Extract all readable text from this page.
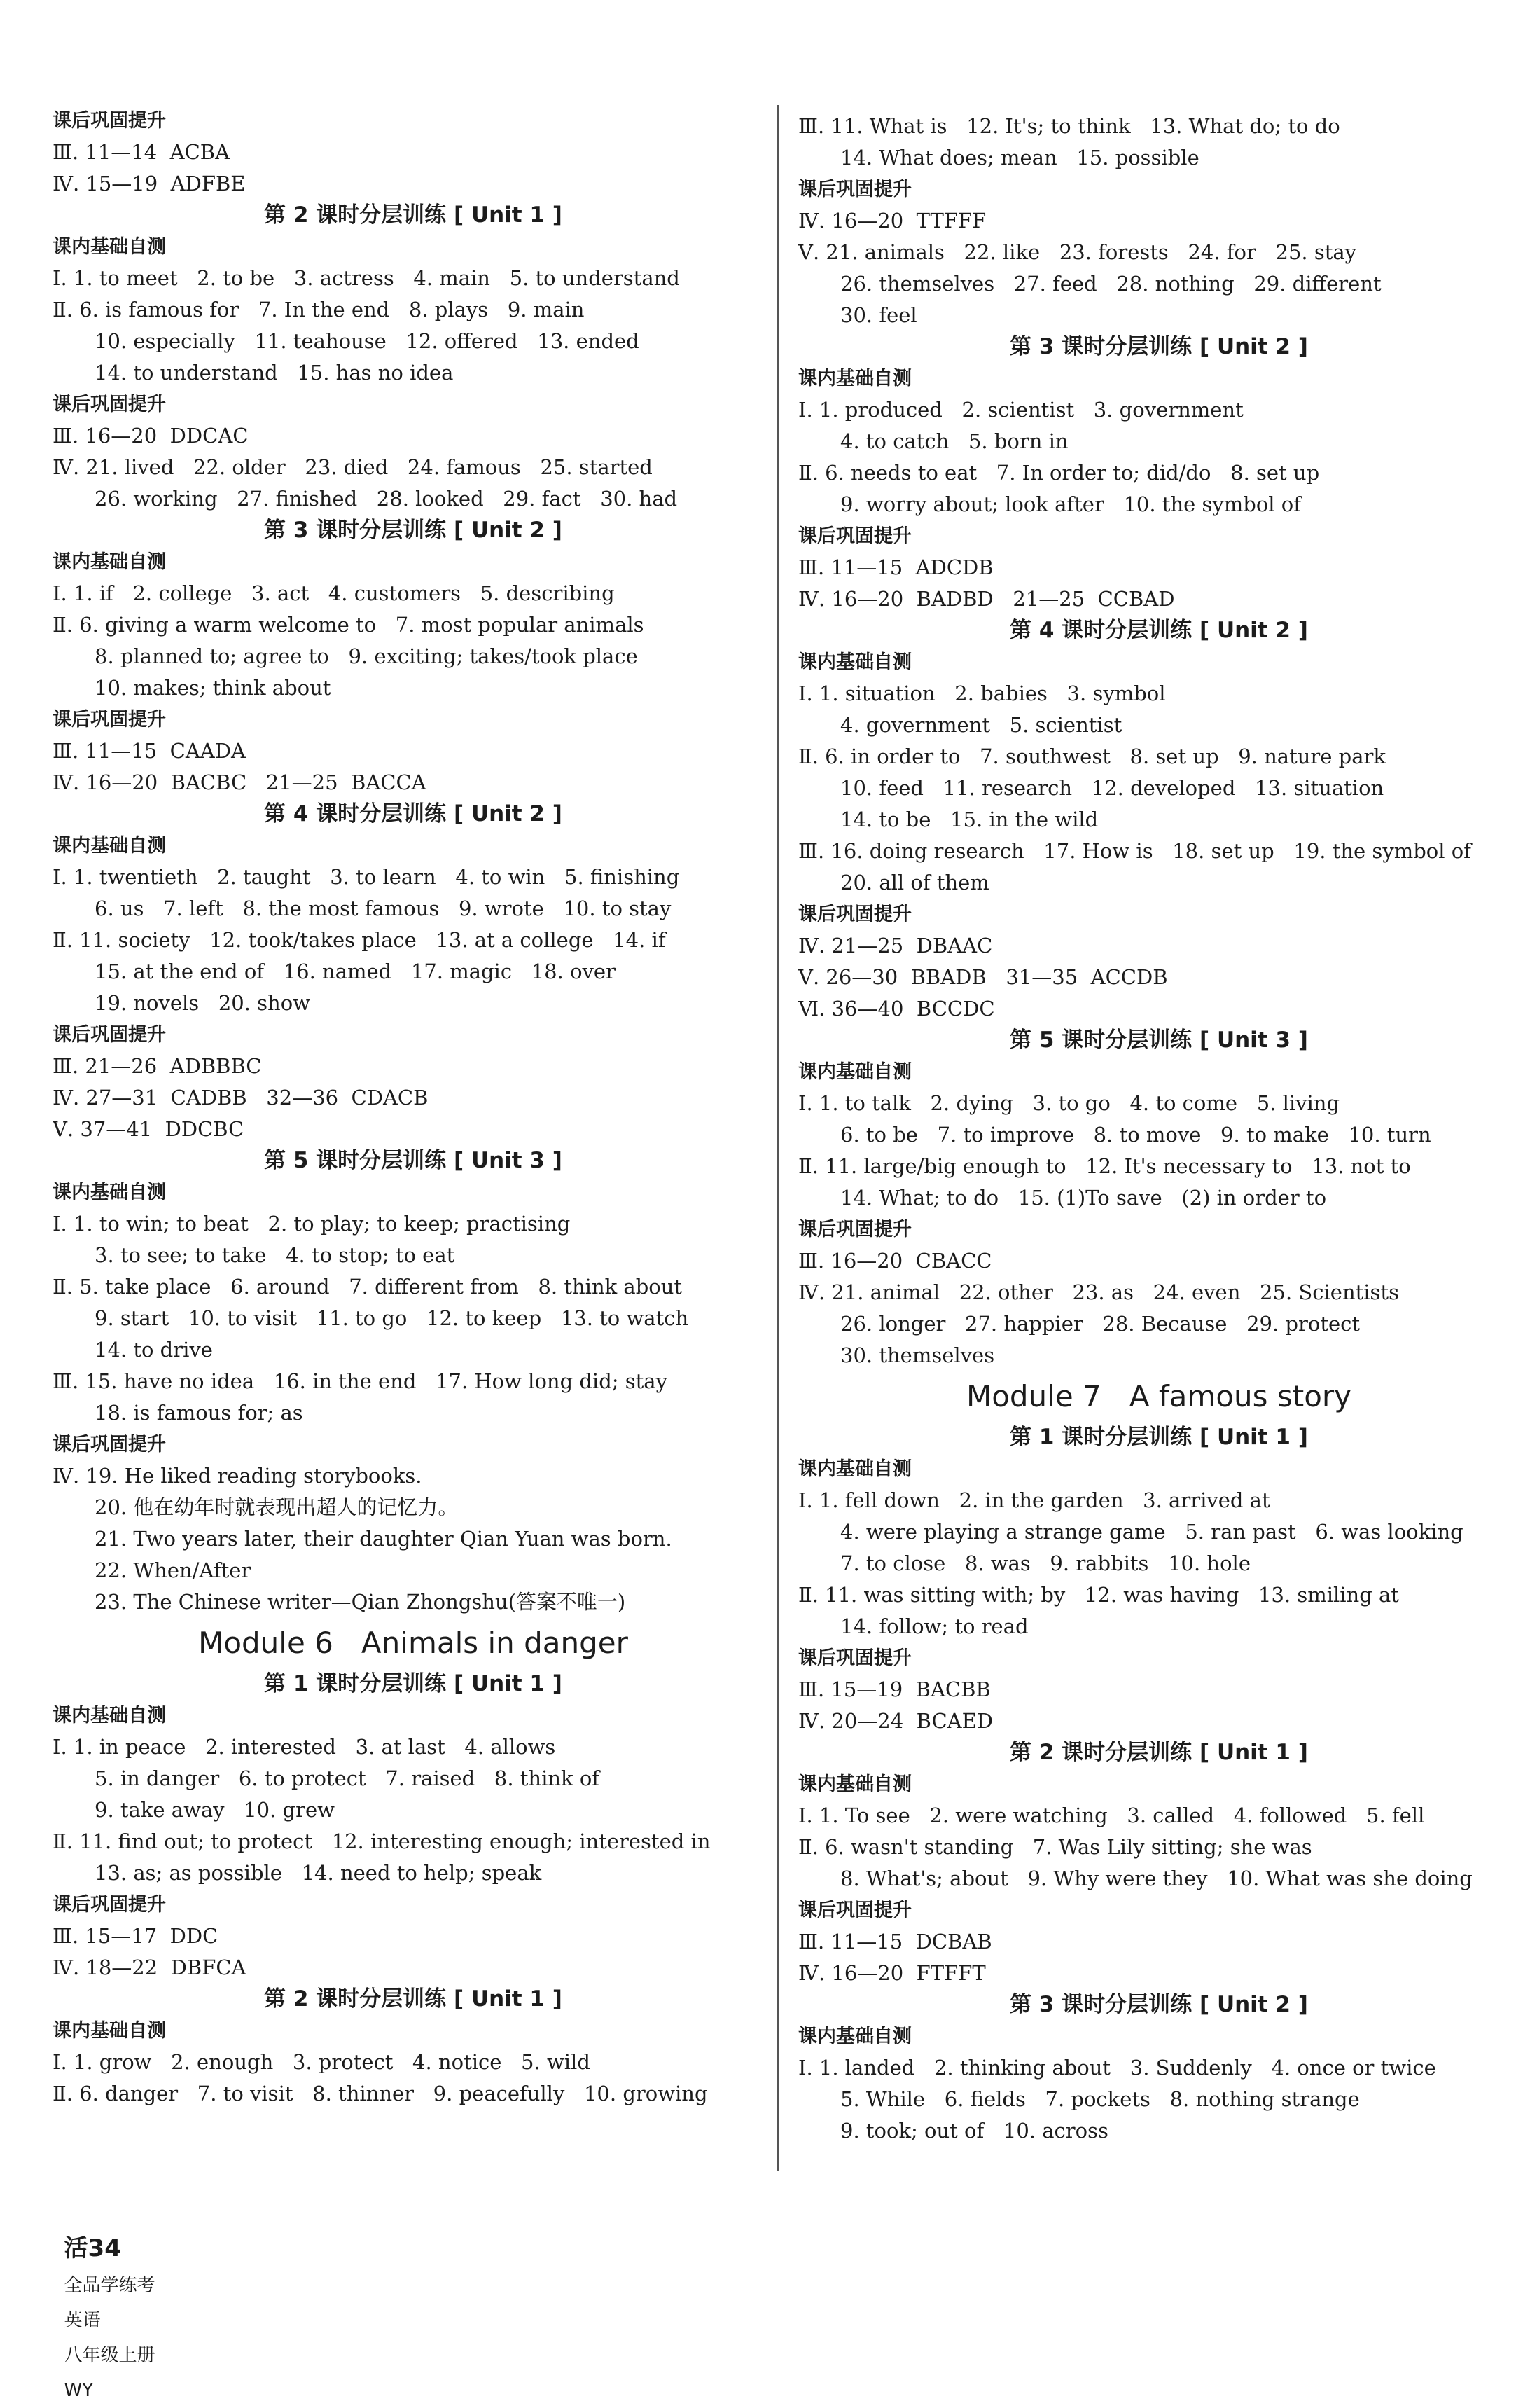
课后巩固提升
Ⅲ. 11—14  ACBA
Ⅳ. 15—19  ADFBE
第 2 课时分层训练 [ Unit 1 ]
课内基础自测
Ⅰ. 1. to meet   2. to be   3. actress   4. main   5. to understand
Ⅱ. 6. is famous for   7. In the end   8. plays   9. main
10. especially   11. teahouse   12. offered   13. ended
14. to understand   15. has no idea
课后巩固提升
Ⅲ. 16—20  DDCAC
Ⅳ. 21. lived   22. older   23. died   24. famous   25. started
26. working   27. finished   28. looked   29. fact   30. had
第 3 课时分层训练 [ Unit 2 ]
课内基础自测
Ⅰ. 1. if   2. college   3. act   4. customers   5. describing
Ⅱ. 6. giving a warm welcome to   7. most popular animals
8. planned to; agree to   9. exciting; takes/took place
10. makes; think about
课后巩固提升
Ⅲ. 11—15  CAADA
Ⅳ. 16—20  BACBC   21—25  BACCA
第 4 课时分层训练 [ Unit 2 ]
课内基础自测
Ⅰ. 1. twentieth   2. taught   3. to learn   4. to win   5. finishing
6. us   7. left   8. the most famous   9. wrote   10. to stay
Ⅱ. 11. society   12. took/takes place   13. at a college   14. if
15. at the end of   16. named   17. magic   18. over
19. novels   20. show
课后巩固提升
Ⅲ. 21—26  ADBBBC
Ⅳ. 27—31  CADBB   32—36  CDACB
Ⅴ. 37—41  DDCBC
第 5 课时分层训练 [ Unit 3 ]
课内基础自测
Ⅰ. 1. to win; to beat   2. to play; to keep; practising
3. to see; to take   4. to stop; to eat
Ⅱ. 5. take place   6. around   7. different from   8. think about
9. start   10. to visit   11. to go   12. to keep   13. to watch
14. to drive
Ⅲ. 15. have no idea   16. in the end   17. How long did; stay
18. is famous for; as
课后巩固提升
Ⅳ. 19. He liked reading storybooks.
20. 他在幼年时就表现出超人的记忆力。
21. Two years later, their daughter Qian Yuan was born.
22. When/After
23. The Chinese writer—Qian Zhongshu(答案不唯一)
Module 6   Animals in danger
第 1 课时分层训练 [ Unit 1 ]
课内基础自测
Ⅰ. 1. in peace   2. interested   3. at last   4. allows
5. in danger   6. to protect   7. raised   8. think of
9. take away   10. grew
Ⅱ. 11. find out; to protect   12. interesting enough; interested in
13. as; as possible   14. need to help; speak
课后巩固提升
Ⅲ. 15—17  DDC
Ⅳ. 18—22  DBFCA
第 2 课时分层训练 [ Unit 1 ]
课内基础自测
Ⅰ. 1. grow   2. enough   3. protect   4. notice   5. wild
Ⅱ. 6. danger   7. to visit   8. thinner   9. peacefully   10. growing
Ⅲ. 11. What is   12. It's; to think   13. What do; to do
14. What does; mean   15. possible
课后巩固提升
Ⅳ. 16—20  TTFFF
Ⅴ. 21. animals   22. like   23. forests   24. for   25. stay
26. themselves   27. feed   28. nothing   29. different
30. feel
第 3 课时分层训练 [ Unit 2 ]
课内基础自测
Ⅰ. 1. produced   2. scientist   3. government
4. to catch   5. born in
Ⅱ. 6. needs to eat   7. In order to; did/do   8. set up
9. worry about; look after   10. the symbol of
课后巩固提升
Ⅲ. 11—15  ADCDB
Ⅳ. 16—20  BADBD   21—25  CCBAD
第 4 课时分层训练 [ Unit 2 ]
课内基础自测
Ⅰ. 1. situation   2. babies   3. symbol
4. government   5. scientist
Ⅱ. 6. in order to   7. southwest   8. set up   9. nature park
10. feed   11. research   12. developed   13. situation
14. to be   15. in the wild
Ⅲ. 16. doing research   17. How is   18. set up   19. the symbol of
20. all of them
课后巩固提升
Ⅳ. 21—25  DBAAC
Ⅴ. 26—30  BBADB   31—35  ACCDB
Ⅵ. 36—40  BCCDC
第 5 课时分层训练 [ Unit 3 ]
课内基础自测
Ⅰ. 1. to talk   2. dying   3. to go   4. to come   5. living
6. to be   7. to improve   8. to move   9. to make   10. turn
Ⅱ. 11. large/big enough to   12. It's necessary to   13. not to
14. What; to do   15. (1)To save   (2) in order to
课后巩固提升
Ⅲ. 16—20  CBACC
Ⅳ. 21. animal   22. other   23. as   24. even   25. Scientists
26. longer   27. happier   28. Because   29. protect
30. themselves
Module 7   A famous story
第 1 课时分层训练 [ Unit 1 ]
课内基础自测
Ⅰ. 1. fell down   2. in the garden   3. arrived at
4. were playing a strange game   5. ran past   6. was looking
7. to close   8. was   9. rabbits   10. hole
Ⅱ. 11. was sitting with; by   12. was having   13. smiling at
14. follow; to read
课后巩固提升
Ⅲ. 15—19  BACBB
Ⅳ. 20—24  BCAED
第 2 课时分层训练 [ Unit 1 ]
课内基础自测
Ⅰ. 1. To see   2. were watching   3. called   4. followed   5. fell
Ⅱ. 6. wasn't standing   7. Was Lily sitting; she was
8. What's; about   9. Why were they   10. What was she doing
课后巩固提升
Ⅲ. 11—15  DCBAB
Ⅳ. 16—20  FTFFT
第 3 课时分层训练 [ Unit 2 ]
课内基础自测
Ⅰ. 1. landed   2. thinking about   3. Suddenly   4. once or twice
5. While   6. fields   7. pockets   8. nothing strange
9. took; out of   10. across

活34
全品学练考
英语
八年级上册
WY
